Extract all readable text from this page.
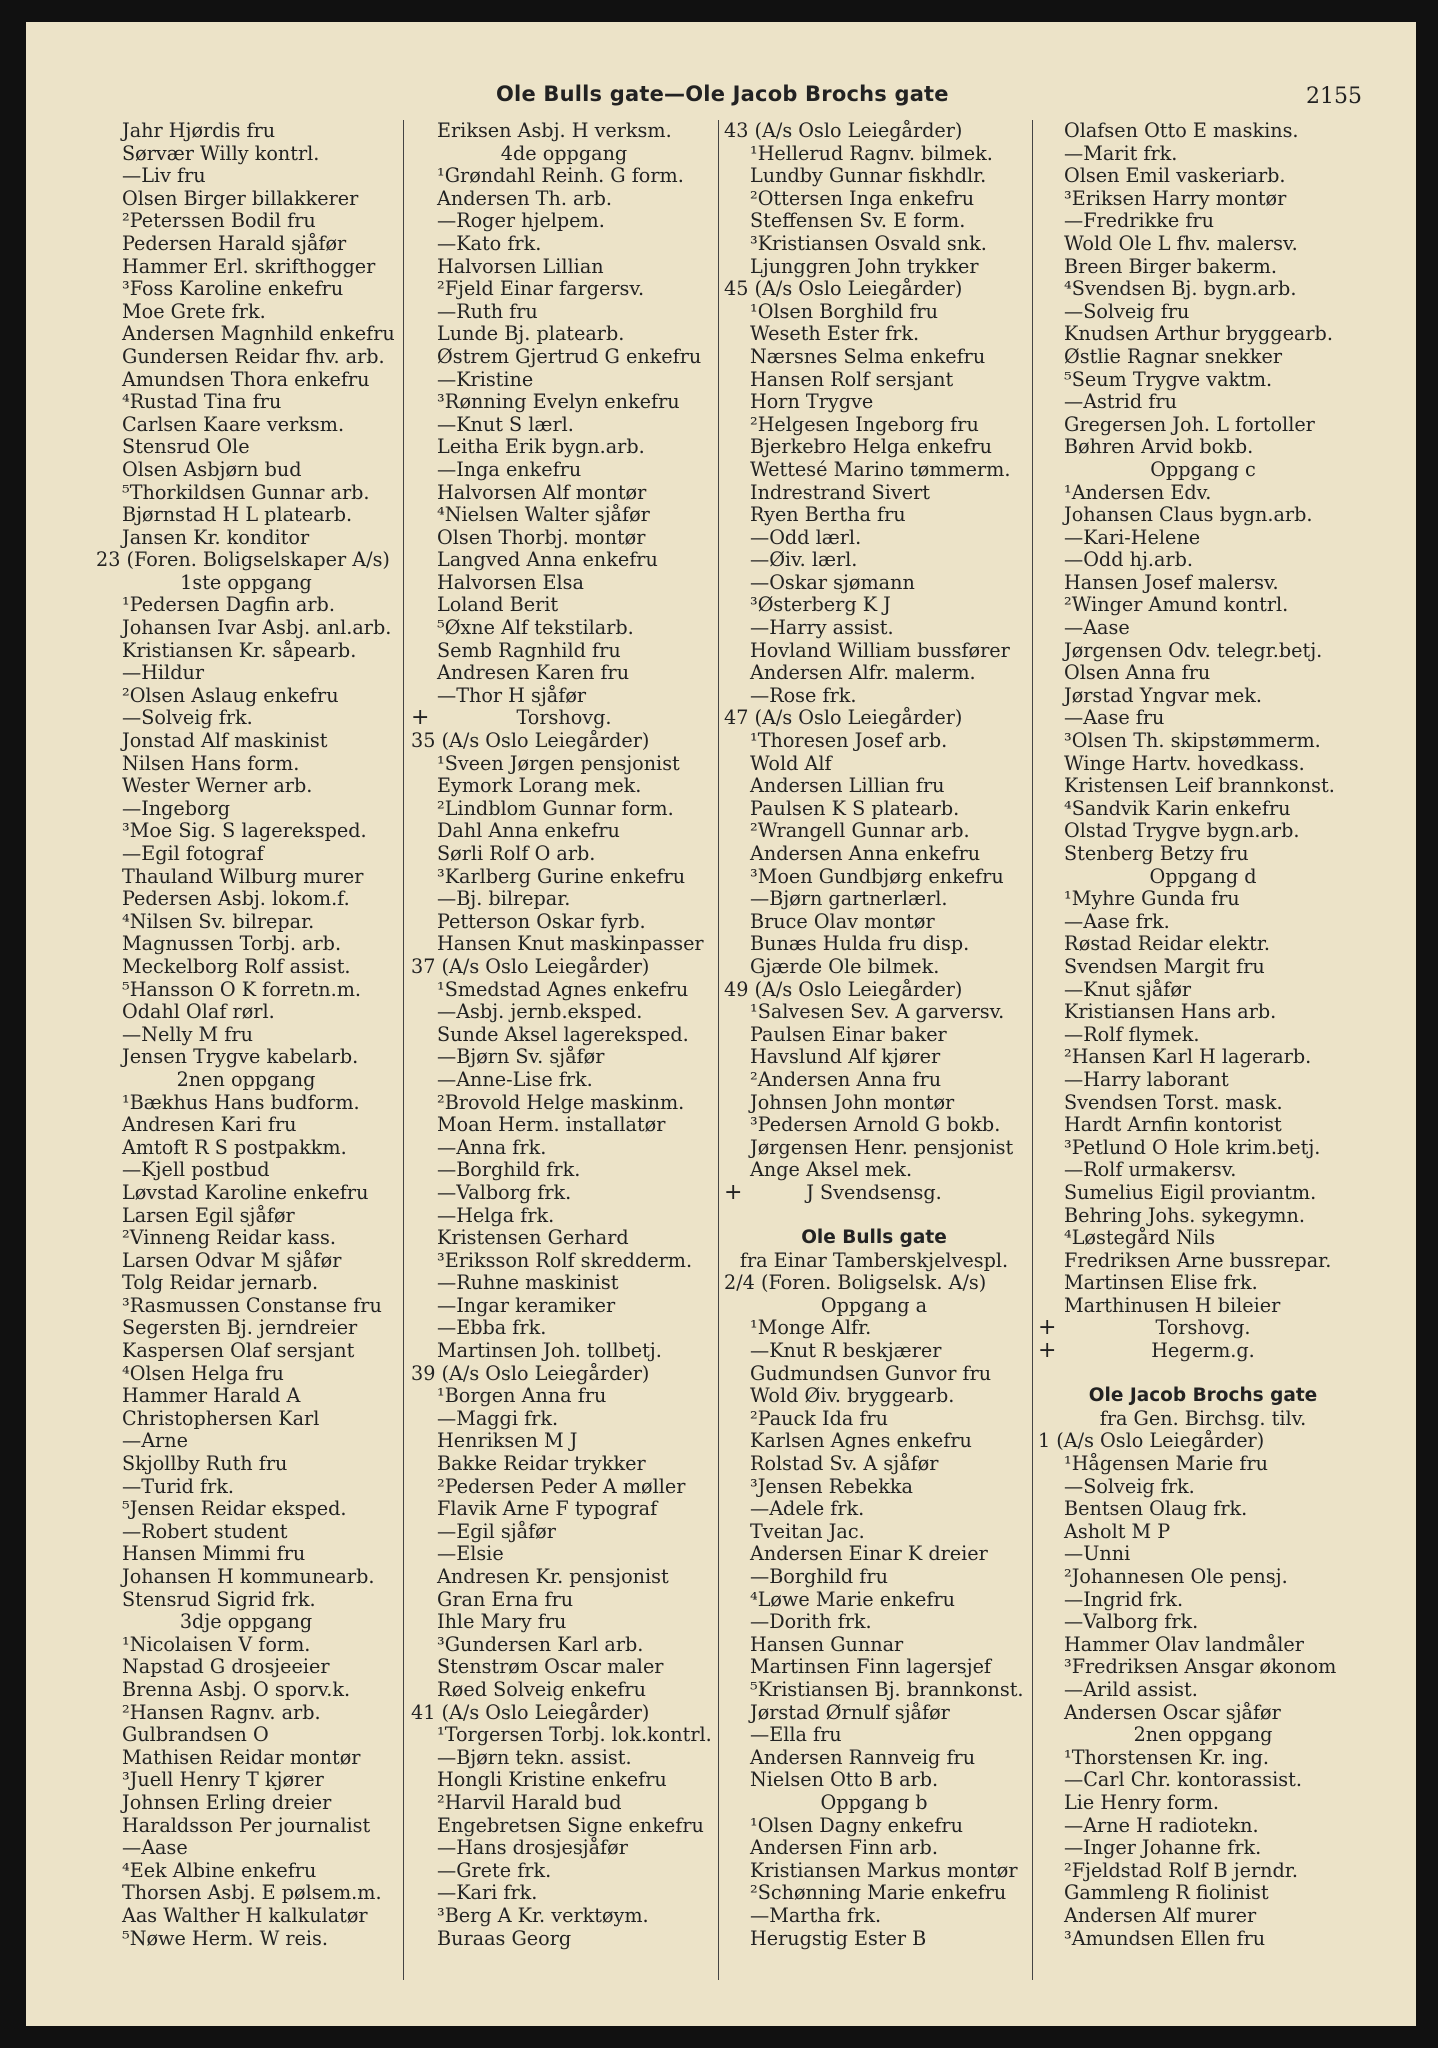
Ole Bulls gate—Ole Jacob Brochs gate	2155
Jahr Hjørdis fru
Sørvær Willy kontrl.
—Liv fru
Olsen Birger billakkerer
²Peterssen Bodil fru
Pedersen Harald sjåfør
Hammer Erl. skrifthogger
³Foss Karoline enkefru
Moe Grete frk.
Andersen Magnhild enkefru
Gundersen Reidar fhv. arb.
Amundsen Thora enkefru
⁴Rustad Tina fru
Carlsen Kaare verksm.
Stensrud Ole
Olsen Asbjørn bud
⁵Thorkildsen Gunnar arb.
Bjørnstad H L platearb.
Jansen Kr. konditor
23 (Foren. Boligselskaper A/s)
1ste oppgang
¹Pedersen Dagfin arb.
Johansen Ivar Asbj. anl.arb.
Kristiansen Kr. såpearb.
—Hildur
²Olsen Aslaug enkefru
—Solveig frk.
Jonstad Alf maskinist
Nilsen Hans form.
Wester Werner arb.
—Ingeborg
³Moe Sig. S lagereksped.
—Egil fotograf
Thauland Wilburg murer
Pedersen Asbj. lokom.f.
⁴Nilsen Sv. bilrepar.
Magnussen Torbj. arb.
Meckelborg Rolf assist.
⁵Hansson O K forretn.m.
Odahl Olaf rørl.
—Nelly M fru
Jensen Trygve kabelarb.
2nen oppgang
¹Bækhus Hans budform.
Andresen Kari fru
Amtoft R S postpakkm.
—Kjell postbud
Løvstad Karoline enkefru
Larsen Egil sjåfør
²Vinneng Reidar kass.
Larsen Odvar M sjåfør
Tolg Reidar jernarb.
³Rasmussen Constanse fru
Segersten Bj. jerndreier
Kaspersen Olaf sersjant
⁴Olsen Helga fru
Hammer Harald A
Christophersen Karl
—Arne
Skjollby Ruth fru
—Turid frk.
⁵Jensen Reidar eksped.
—Robert student
Hansen Mimmi fru
Johansen H kommunearb.
Stensrud Sigrid frk.
3dje oppgang
¹Nicolaisen V form.
Napstad G drosjeeier
Brenna Asbj. O sporv.k.
²Hansen Ragnv. arb.
Gulbrandsen O
Mathisen Reidar montør
³Juell Henry T kjører
Johnsen Erling dreier
Haraldsson Per journalist
—Aase
⁴Eek Albine enkefru
Thorsen Asbj. E pølsem.m.
Aas Walther H kalkulatør
⁵Nøwe Herm. W reis.
Eriksen Asbj. H verksm.
4de oppgang
¹Grøndahl Reinh. G form.
Andersen Th. arb.
—Roger hjelpem.
—Kato frk.
Halvorsen Lillian
²Fjeld Einar fargersv.
—Ruth fru
Lunde Bj. platearb.
Østrem Gjertrud G enkefru
—Kristine
³Rønning Evelyn enkefru
—Knut S lærl.
Leitha Erik bygn.arb.
—Inga enkefru
Halvorsen Alf montør
⁴Nielsen Walter sjåfør
Olsen Thorbj. montør
Langved Anna enkefru
Halvorsen Elsa
Loland Berit
⁵Øxne Alf tekstilarb.
Semb Ragnhild fru
Andresen Karen fru
—Thor H sjåfør
+	Torshovg.
35 (A/s Oslo Leiegårder)
¹Sveen Jørgen pensjonist
Eymork Lorang mek.
²Lindblom Gunnar form.
Dahl Anna enkefru
Sørli Rolf O arb.
³Karlberg Gurine enkefru
—Bj. bilrepar.
Petterson Oskar fyrb.
Hansen Knut maskinpasser
37 (A/s Oslo Leiegårder)
¹Smedstad Agnes enkefru
—Asbj. jernb.eksped.
Sunde Aksel lagereksped.
—Bjørn Sv. sjåfør
—Anne-Lise frk.
²Brovold Helge maskinm.
Moan Herm. installatør
—Anna frk.
—Borghild frk.
—Valborg frk.
—Helga frk.
Kristensen Gerhard
³Eriksson Rolf skredderm.
—Ruhne maskinist
—Ingar keramiker
—Ebba frk.
Martinsen Joh. tollbetj.
39 (A/s Oslo Leiegårder)
¹Borgen Anna fru
—Maggi frk.
Henriksen M J
Bakke Reidar trykker
²Pedersen Peder A møller
Flavik Arne F typograf
—Egil sjåfør
—Elsie
Andresen Kr. pensjonist
Gran Erna fru
Ihle Mary fru
³Gundersen Karl arb.
Stenstrøm Oscar maler
Røed Solveig enkefru
41 (A/s Oslo Leiegårder)
¹Torgersen Torbj. lok.kontrl.
—Bjørn tekn. assist.
Hongli Kristine enkefru
²Harvil Harald bud
Engebretsen Signe enkefru
—Hans drosjesjåfør
—Grete frk.
—Kari frk.
³Berg A Kr. verktøym.
Buraas Georg
43 (A/s Oslo Leiegårder)
¹Hellerud Ragnv. bilmek.
Lundby Gunnar fiskhdlr.
²Ottersen Inga enkefru
Steffensen Sv. E form.
³Kristiansen Osvald snk.
Ljunggren John trykker
45 (A/s Oslo Leiegårder)
¹Olsen Borghild fru
Weseth Ester frk.
Nærsnes Selma enkefru
Hansen Rolf sersjant
Horn Trygve
²Helgesen Ingeborg fru
Bjerkebro Helga enkefru
Wettesé Marino tømmerm.
Indrestrand Sivert
Ryen Bertha fru
—Odd lærl.
—Øiv. lærl.
—Oskar sjømann
³Østerberg K J
—Harry assist.
Hovland William bussfører
Andersen Alfr. malerm.
—Rose frk.
47 (A/s Oslo Leiegårder)
¹Thoresen Josef arb.
Wold Alf
Andersen Lillian fru
Paulsen K S platearb.
²Wrangell Gunnar arb.
Andersen Anna enkefru
³Moen Gundbjørg enkefru
—Bjørn gartnerlærl.
Bruce Olav montør
Bunæs Hulda fru disp.
Gjærde Ole bilmek.
49 (A/s Oslo Leiegårder)
¹Salvesen Sev. A garversv.
Paulsen Einar baker
Havslund Alf kjører
²Andersen Anna fru
Johnsen John montør
³Pedersen Arnold G bokb.
Jørgensen Henr. pensjonist
Ange Aksel mek.
+	J Svendsensg.
Ole Bulls gate
fra Einar Tamberskjelvespl.
2/4 (Foren. Boligselsk. A/s)
Oppgang a
¹Monge Alfr.
—Knut R beskjærer
Gudmundsen Gunvor fru
Wold Øiv. bryggearb.
²Pauck Ida fru
Karlsen Agnes enkefru
Rolstad Sv. A sjåfør
³Jensen Rebekka
—Adele frk.
Tveitan Jac.
Andersen Einar K dreier
—Borghild fru
⁴Løwe Marie enkefru
—Dorith frk.
Hansen Gunnar
Martinsen Finn lagersjef
⁵Kristiansen Bj. brannkonst.
Jørstad Ørnulf sjåfør
—Ella fru
Andersen Rannveig fru
Nielsen Otto B arb.
Oppgang b
¹Olsen Dagny enkefru
Andersen Finn arb.
Kristiansen Markus montør
²Schønning Marie enkefru
—Martha frk.
Herugstig Ester B
Olafsen Otto E maskins.
—Marit frk.
Olsen Emil vaskeriarb.
³Eriksen Harry montør
—Fredrikke fru
Wold Ole L fhv. malersv.
Breen Birger bakerm.
⁴Svendsen Bj. bygn.arb.
—Solveig fru
Knudsen Arthur bryggearb.
Østlie Ragnar snekker
⁵Seum Trygve vaktm.
—Astrid fru
Gregersen Joh. L fortoller
Bøhren Arvid bokb.
Oppgang c
¹Andersen Edv.
Johansen Claus bygn.arb.
—Kari-Helene
—Odd hj.arb.
Hansen Josef malersv.
²Winger Amund kontrl.
—Aase
Jørgensen Odv. telegr.betj.
Olsen Anna fru
Jørstad Yngvar mek.
—Aase fru
³Olsen Th. skipstømmerm.
Winge Hartv. hovedkass.
Kristensen Leif brannkonst.
⁴Sandvik Karin enkefru
Olstad Trygve bygn.arb.
Stenberg Betzy fru
Oppgang d
¹Myhre Gunda fru
—Aase frk.
Røstad Reidar elektr.
Svendsen Margit fru
—Knut sjåfør
Kristiansen Hans arb.
—Rolf flymek.
²Hansen Karl H lagerarb.
—Harry laborant
Svendsen Torst. mask.
Hardt Arnfin kontorist
³Petlund O Hole krim.betj.
—Rolf urmakersv.
Sumelius Eigil proviantm.
Behring Johs. sykegymn.
⁴Løstegård Nils
Fredriksen Arne bussrepar.
Martinsen Elise frk.
Marthinusen H bileier
+	Torshovg.
+	Hegerm.g.
Ole Jacob Brochs gate
fra Gen. Birchsg. tilv.
1 (A/s Oslo Leiegårder)
¹Hågensen Marie fru
—Solveig frk.
Bentsen Olaug frk.
Asholt M P
—Unni
²Johannesen Ole pensj.
—Ingrid frk.
—Valborg frk.
Hammer Olav landmåler
³Fredriksen Ansgar økonom
—Arild assist.
Andersen Oscar sjåfør
2nen oppgang
¹Thorstensen Kr. ing.
—Carl Chr. kontorassist.
Lie Henry form.
—Arne H radiotekn.
—Inger Johanne frk.
²Fjeldstad Rolf B jerndr.
Gammleng R fiolinist
Andersen Alf murer
³Amundsen Ellen fru
